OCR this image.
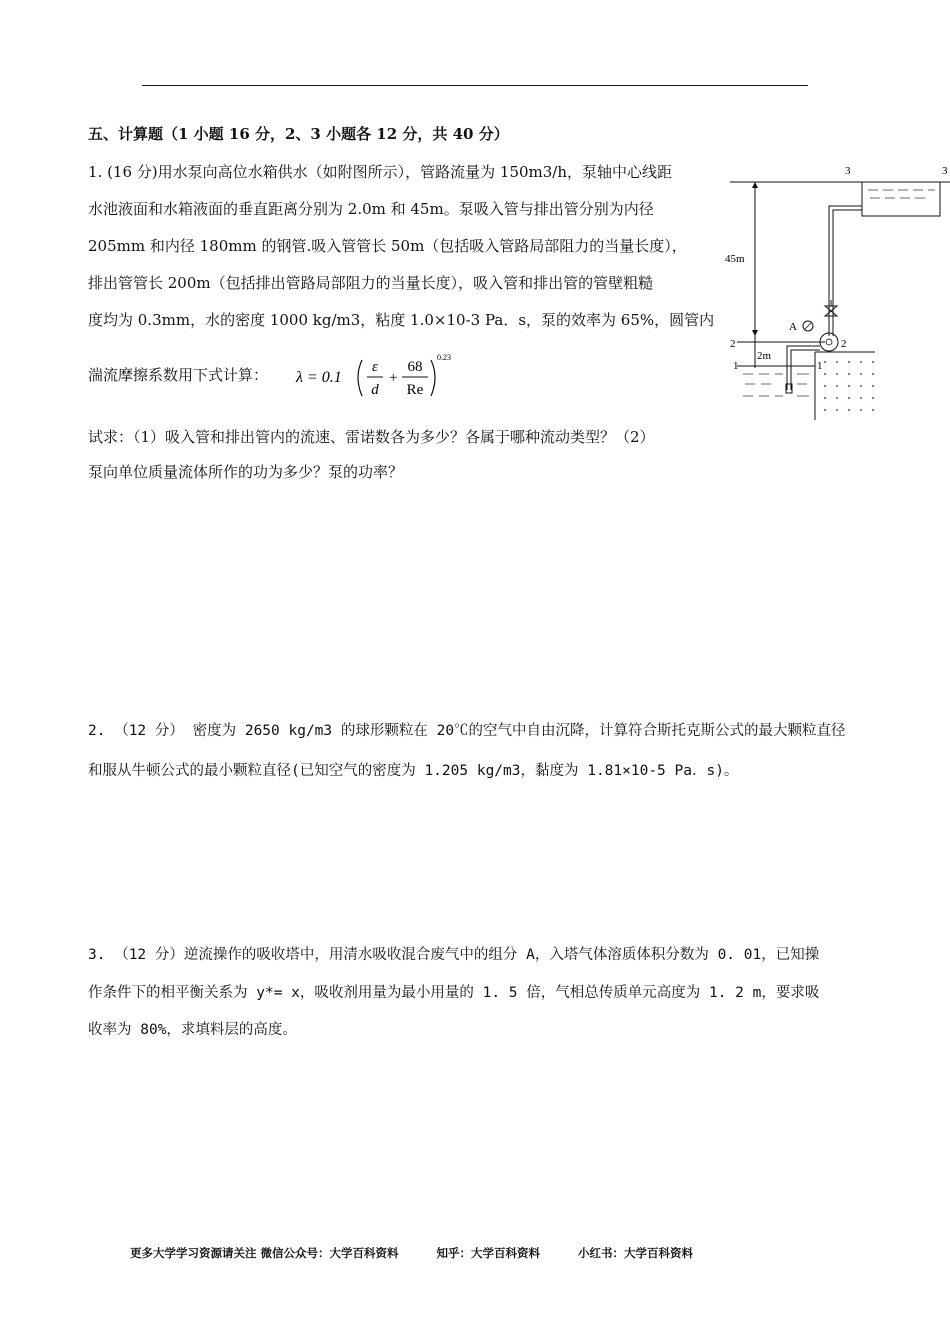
五、计算题（1 小题 16 分，2、3 小题各 12 分，共 40 分）
1. (16 分)用水泵向高位水箱供水（如附图所示），管路流量为 150m3/h，泵轴中心线距
水池液面和水箱液面的垂直距离分别为 2.0m 和 45m。泵吸入管与排出管分别为内径
205mm 和内径 180mm 的钢管.吸入管管长 50m（包括吸入管路局部阻力的当量长度），
排出管管长 200m（包括排出管路局部阻力的当量长度），吸入管和排出管的管壁粗糙
度均为 0.3mm，水的密度 1000 kg/m3，粘度 1.0×10-3 Pa．s，泵的效率为 65%，圆管内
湍流摩擦系数用下式计算： λ = 0.1
ε
d
+
68
Re
0.23
试求：（1）吸入管和排出管内的流速、雷诺数各为多少？各属于哪种流动类型？（2）
泵向单位质量流体所作的功为多少？泵的功率？
3	3
45m
2	2
A
2m
1	1
2. （12 分） 密度为 2650 kg/m3 的球形颗粒在 20℃的空气中自由沉降，计算符合斯托克斯公式的最大颗粒直径
和服从牛顿公式的最小颗粒直径(已知空气的密度为 1.205 kg/m3，黏度为 1.81×10-5 Pa．s)。
3. （12 分）逆流操作的吸收塔中，用清水吸收混合废气中的组分 A，入塔气体溶质体积分数为 0. 01，已知操
作条件下的相平衡关系为 y*= x，吸收剂用量为最小用量的 1. 5 倍，气相总传质单元高度为 1. 2 m，要求吸
收率为 80%，求填料层的高度。
更多大学学习资源请关注 微信公众号：大学百科资料	知乎：大学百科资料	小红书：大学百科资料
